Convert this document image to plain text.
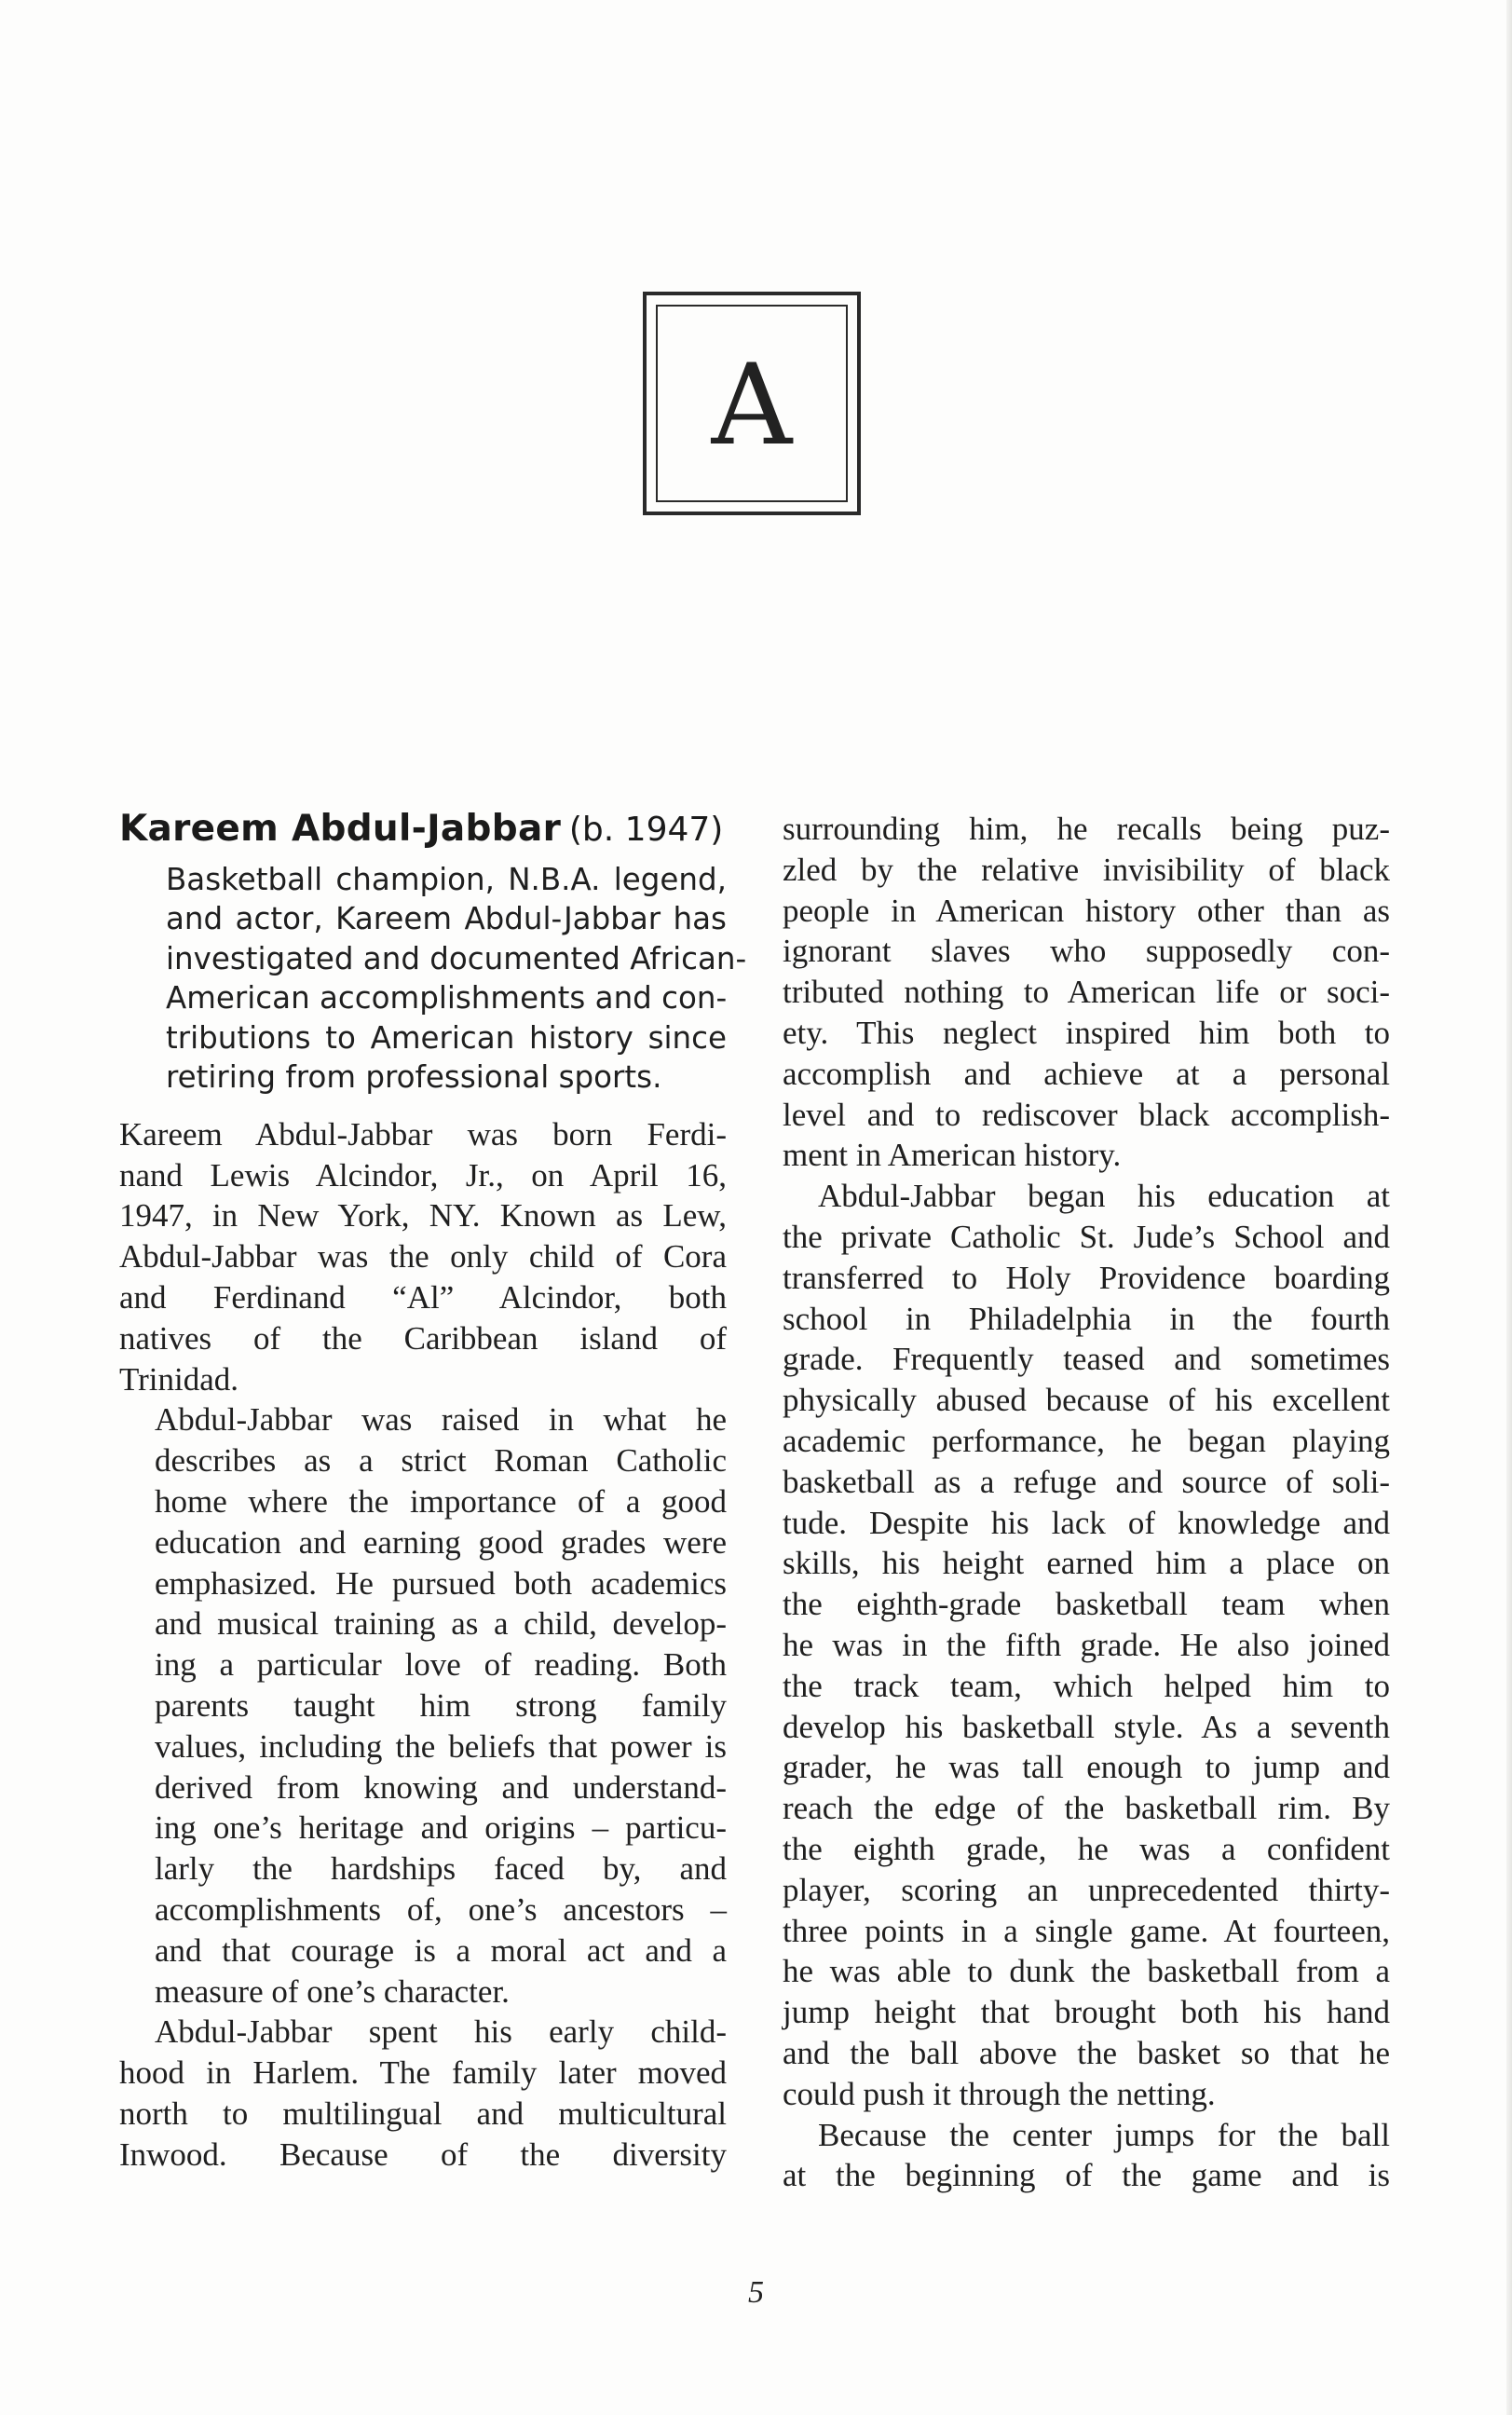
A
Kareem Abdul-Jabbar (b. 1947)
Basketball champion, N.B.A. legend,
and actor, Kareem Abdul-Jabbar has
investigated and documented African-
American accomplishments and con-
tributions to American history since
retiring from professional sports.
Kareem Abdul-Jabbar was born Ferdi-
nand Lewis Alcindor, Jr., on April 16,
1947, in New York, NY. Known as Lew,
Abdul-Jabbar was the only child of Cora
and Ferdinand “Al” Alcindor, both
natives of the Caribbean island of
Trinidad.
Abdul-Jabbar was raised in what he
describes as a strict Roman Catholic
home where the importance of a good
education and earning good grades were
emphasized. He pursued both academics
and musical training as a child, develop-
ing a particular love of reading. Both
parents taught him strong family
values, including the beliefs that power is
derived from knowing and understand-
ing one’s heritage and origins – particu-
larly the hardships faced by, and
accomplishments of, one’s ancestors –
and that courage is a moral act and a
measure of one’s character.
Abdul-Jabbar spent his early child-
hood in Harlem. The family later moved
north to multilingual and multicultural
Inwood. Because of the diversity
surrounding him, he recalls being puz-
zled by the relative invisibility of black
people in American history other than as
ignorant slaves who supposedly con-
tributed nothing to American life or soci-
ety. This neglect inspired him both to
accomplish and achieve at a personal
level and to rediscover black accomplish-
ment in American history.
Abdul-Jabbar began his education at
the private Catholic St. Jude’s School and
transferred to Holy Providence boarding
school in Philadelphia in the fourth
grade. Frequently teased and sometimes
physically abused because of his excellent
academic performance, he began playing
basketball as a refuge and source of soli-
tude. Despite his lack of knowledge and
skills, his height earned him a place on
the eighth-grade basketball team when
he was in the fifth grade. He also joined
the track team, which helped him to
develop his basketball style. As a seventh
grader, he was tall enough to jump and
reach the edge of the basketball rim. By
the eighth grade, he was a confident
player, scoring an unprecedented thirty-
three points in a single game. At fourteen,
he was able to dunk the basketball from a
jump height that brought both his hand
and the ball above the basket so that he
could push it through the netting.
Because the center jumps for the ball
at the beginning of the game and is
5
